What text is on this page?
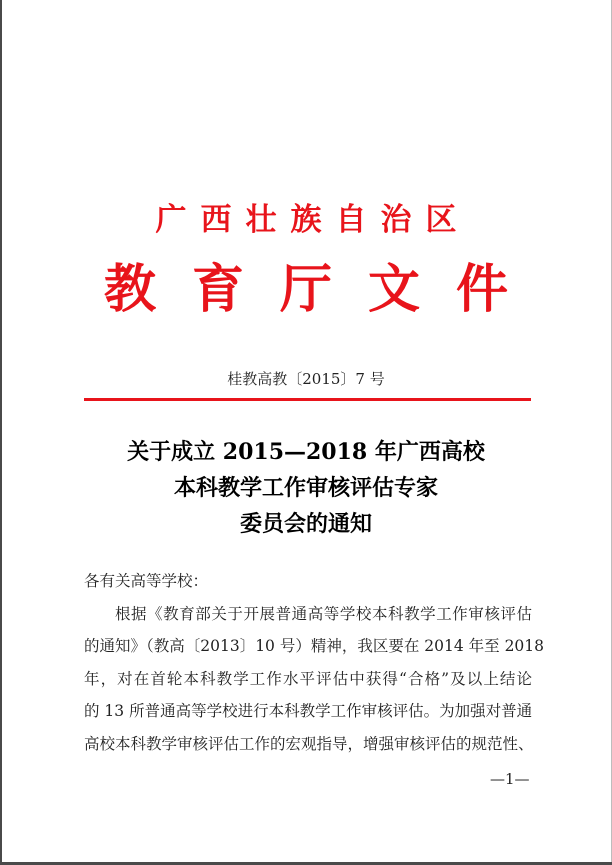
广西壮族自治区
教育厅文件
桂教高教〔2015〕7 号
关于成立 2015—2018 年广西高校
本科教学工作审核评估专家
委员会的通知
各有关高等学校：
根据《教育部关于开展普通高等学校本科教学工作审核评估
的通知》（教高〔2013〕10 号）精神，我区要在 2014 年至 2018
年，对在首轮本科教学工作水平评估中获得“合格”及以上结论
的 13 所普通高等学校进行本科教学工作审核评估。为加强对普通
高校本科教学审核评估工作的宏观指导，增强审核评估的规范性、
—1—
